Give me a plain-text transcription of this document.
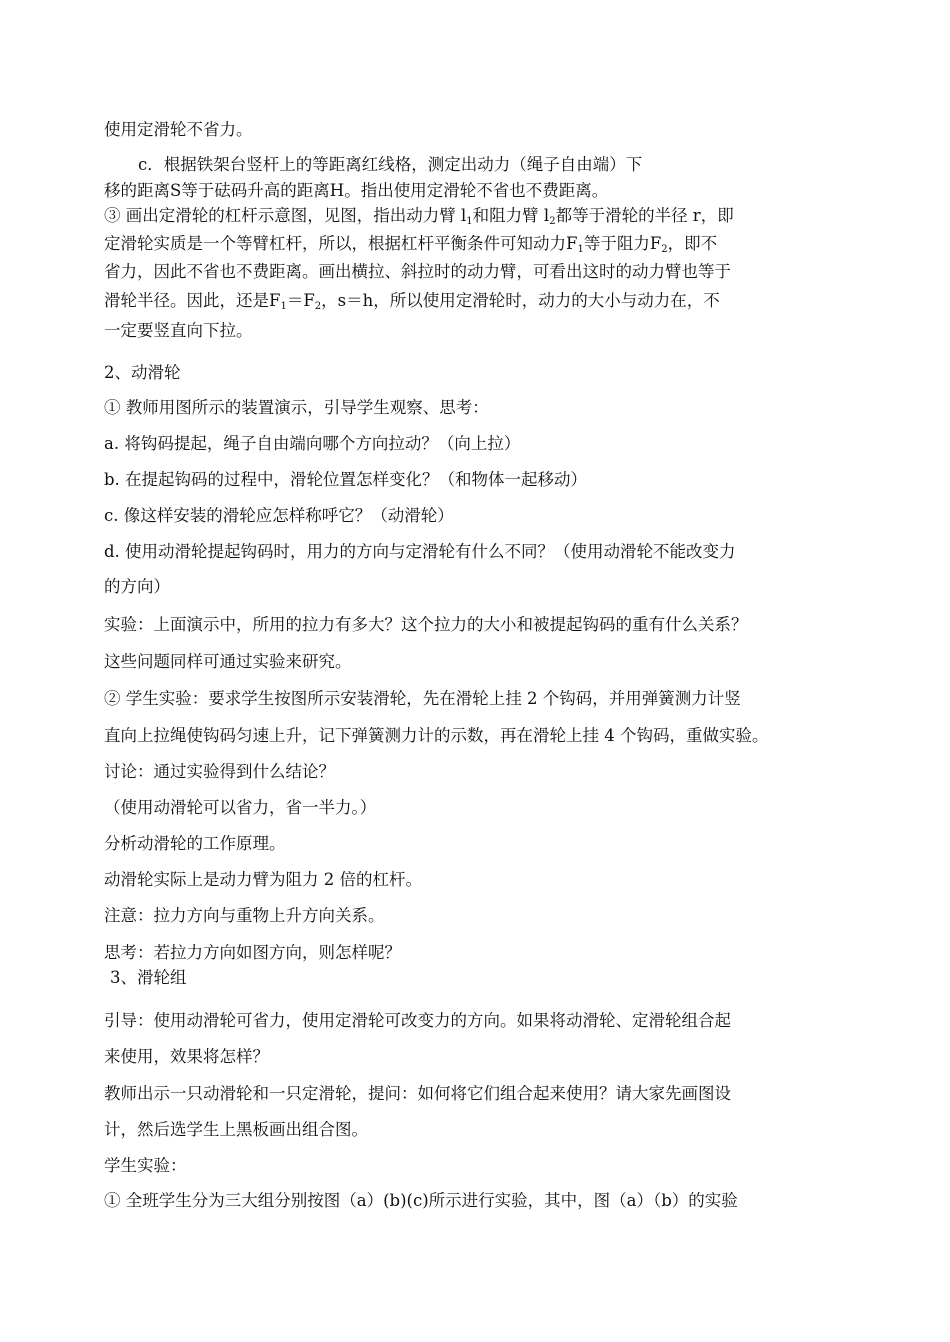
使用定滑轮不省力。
c．根据铁架台竖杆上的等距离红线格，测定出动力（绳子自由端）下
移的距离S等于砝码升高的距离H。指出使用定滑轮不省也不费距离。
③ 画出定滑轮的杠杆示意图，见图，指出动力臂 $l_1$和阻力臂 $l_2$都等于滑轮的半径 r，即
定滑轮实质是一个等臂杠杆，所以，根据杠杆平衡条件可知动力$F_1$等于阻力$F_2$，即不
省力，因此不省也不费距离。画出横拉、斜拉时的动力臂，可看出这时的动力臂也等于
滑轮半径。因此，还是$F_1=F_2$，s＝h，所以使用定滑轮时，动力的大小与动力在，不
一定要竖直向下拉。
2、动滑轮
① 教师用图所示的装置演示，引导学生观察、思考：
a. 将钩码提起，绳子自由端向哪个方向拉动？（向上拉）
b. 在提起钩码的过程中，滑轮位置怎样变化？（和物体一起移动）
c. 像这样安装的滑轮应怎样称呼它？（动滑轮）
d. 使用动滑轮提起钩码时，用力的方向与定滑轮有什么不同？（使用动滑轮不能改变力
的方向）
实验：上面演示中，所用的拉力有多大？这个拉力的大小和被提起钩码的重有什么关系？
这些问题同样可通过实验来研究。
② 学生实验：要求学生按图所示安装滑轮，先在滑轮上挂 2 个钩码，并用弹簧测力计竖
直向上拉绳使钩码匀速上升，记下弹簧测力计的示数，再在滑轮上挂 4 个钩码，重做实验。
讨论：通过实验得到什么结论？
（使用动滑轮可以省力，省一半力。）
分析动滑轮的工作原理。
动滑轮实际上是动力臂为阻力 2 倍的杠杆。
注意：拉力方向与重物上升方向关系。
思考：若拉力方向如图方向，则怎样呢？
3、滑轮组
引导：使用动滑轮可省力，使用定滑轮可改变力的方向。如果将动滑轮、定滑轮组合起
来使用，效果将怎样？
教师出示一只动滑轮和一只定滑轮，提问：如何将它们组合起来使用？请大家先画图设
计，然后选学生上黑板画出组合图。
学生实验：
① 全班学生分为三大组分别按图（a）(b)(c)所示进行实验，其中，图（a）（b）的实验
